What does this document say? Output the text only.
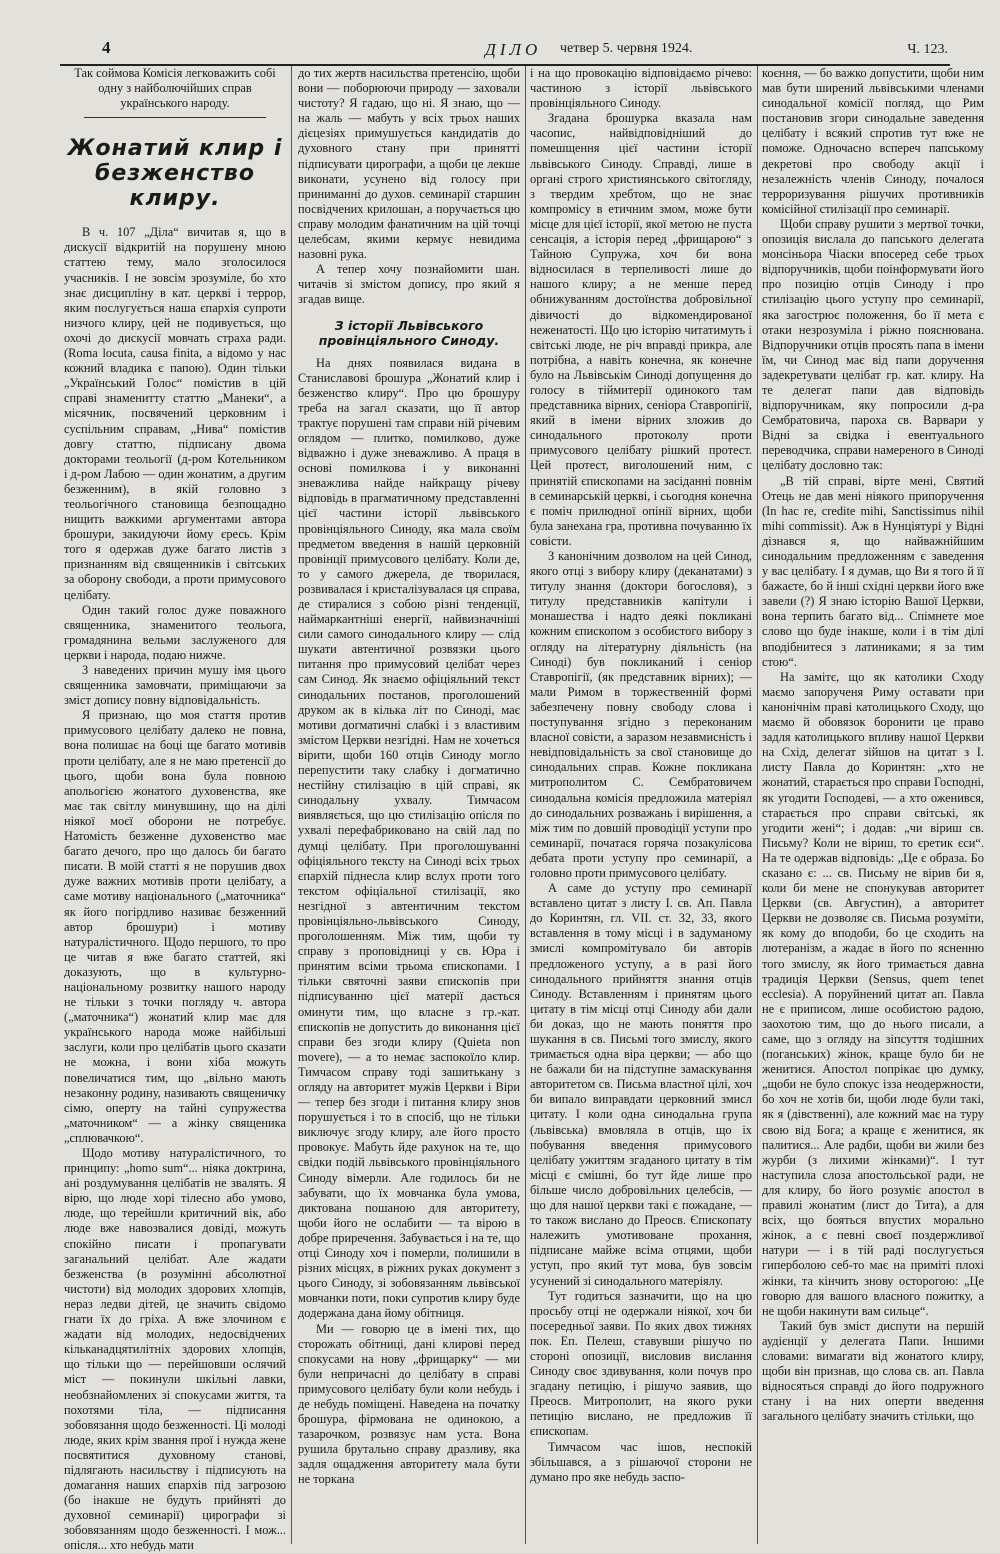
4	ДІЛО четвер 5. червня 1924.	Ч. 123.

Так соймова Комісія легковажить собі одну з найболючійших справ українського народу.

Жонатий клир і безженство клиру.

В ч. 107 „Діла“ вичитав я, що в дискусії відкритій на порушену мною статтею тему, мало зголосилося учасників. І не зовсім зрозуміле, бо хто знає дисципліну в кат. церкві і террор, яким послугується наша єпархія супроти низчого клиру, цей не подивується, що охочі до дискусії мовчать страха ради. (Roma locuta, causa finita, а відомо у нас кожний владика є папою). Один тільки „Український Голос“ помістив в цій справі знаменитту статтю „Манеки“, а місячник, посвячений церковним і суспільним справам, „Нива“ помістив довгу статтю, підписану двома докторами теольогії (д-ром Котельником і д-ром Лабою — один жонатим, а другим безженним), в якій головно з теольогічного становища безпощадно нищить важкими аргументами автора брошури, закидуючи йому єресь. Крім того я одержав дуже багато листів з признанням від священників і світських за оборону свободи, а проти примусового целібату.

Один такий голос дуже поважного священника, знаменитого теольога, громадянина вельми заслуженого для церкви і народа, подаю нижче.

З наведених причин мушу імя цього священника замовчати, приміщаючи за зміст допису повну відповідальність.

Я признаю, що моя стаття против примусового целібату далеко не повна, вона полишає на боці ще багато мотивів проти целібату, але я не маю претенсії до цього, щоби вона була повною апольогією жонатого духовенства, яке має так світлу минувшину, що на ділі ніякої моєї оборони не потребує. Натомість безженне духовенство має багато дечого, про що далось би багато писати. В моїй статті я не порушив двох дуже важних мотивів проти целібату, а саме мотиву національного („маточника“ як його погірдливо називає безженний автор брошури) і мотиву натуралістичного. Щодо першого, то про це читав я вже багато статтей, які доказують, що в культурно-національному розвитку нашого народу не тільки з точки погляду ч. автора („маточника“) жонатий клир має для українського народа може найбільші заслуги, коли про целібатів цього сказати не можна, і вони хіба можуть повеличатися тим, що „вільно мають незаконну родину, називають священичку сімю, оперту на тайні супружества „маточником“ — а жінку священика „сплювачкою“.

Щодо мотиву натуралістичного, то принципу: „homo sum“... ніяка доктрина, ані роздумування целібатів не звалять. Я вірю, що люде хорі тілесно або умово, люде, що терейшли критичний вік, або люде вже навозвалися довіді, можуть спокійно писати і пропагувати заганальний целібат. Але жадати безженства (в розумінні абсолютної чистоти) від молодих здорових хлопців, нераз ледви дітей, це значить свідомо гнати їх до гріха. А вже злочином є жадати від молодих, недосвідчених кільканадцятилітніх здорових хлопців, що тільки що — перейшовши ослячий міст — покинули шкільні лавки, необзнайомлених зі спокусами життя, та похотями тіла, — підписання зобовязання щодо безженності. Ці молоді люде, яких крім звання прої і нужда жене посвятитися духовному станові, підлягають насильству і підписують на домагання наших єпархів під загрозою (бо інакше не будуть прийняті до духовної семинарії) цирографи зі зобовязанням щодо безженності. І мож... опісля... хто небудь мати

до тих жертв насильства претенсію, щоби вони — поборюючи природу — заховали чистоту? Я гадаю, що ні. Я знаю, що — на жаль — мабуть у всіх трьох наших дієцезіях примушується кандидатів до духовного стану при принятті підписувати цирографи, а щоби це лекше виконати, усунено від голосу при приниманні до духов. семинарії старшин посвідчених крилошан, а поручається цю справу молодим фанатичним на цій точці целебсам, якими кермує невидима назовні рука.

А тепер хочу познайомити шан. читачів зі змістом допису, про який я згадав вище.

З історії Львівського провінціяльного Синоду.

На днях появилася видана в Станиславові брошура „Жонатий клир і безженство клиру“. Про цю брошуру треба на загал сказати, що її автор трактує порушені там справи ній річевим оглядом — плитко, помилково, дуже відважно і дуже зневажливо. А праця в основі помилкова і у виконанні зневажлива найде найкращу річеву відповідь в прагматичному представленні цієї частини історії львівського провінціяльного Синоду, яка мала своїм предметом введення в нашій церковній провінції примусового целібату. Коли де, то у самого джерела, де творилася, розвивалася і кристалізувалася ця справа, де стиралися з собою різні тенденції, наймаркантніші енергії, найвизначніші сили самого синодального клиру — слід шукати автентичної розвязки цього питання про примусовий целібат через сам Синод. Як знаємо офіціяльний текст синодальних постанов, проголошений друком ак в кілька літ по Синоді, має мотиви догматичні слабкі і з властивим змістом Церкви незгідні. Нам не хочеться вірити, щоби 160 отців Синоду могло перепустити таку слабку і догматично нестійну стилізацію в цій справі, як синодальну ухвалу. Тимчасом виявляється, що цю стилізацію опісля по ухвалі перефабриковано на свій лад по думці целібату. При проголошуванні офіціяльного тексту на Синоді всіх трьох єпархій піднесла клир вслух проти того текстом офіціальної стилізації, яко незгідної з автентичним текстом провінціяльно-львівського Синоду, проголошенням. Між тим, щоби ту справу з проповідниці у св. Юра і принятим всіми трьома єпископами. І тільки святочні заяви єпископів при підписуванню цієї матерії дається оминути тим, що власне з гр.-кат. єпископів не допустить до виконання цієї справи без згоди клиру (Quieta non movere), — а то немає заспокоїло клир. Тимчасом справу тоді зашитькану з огляду на авторитет мужів Церкви і Віри — тепер без згоди і питання клиру знов порушується і то в спосіб, що не тільки виключує згоду клиру, але його просто провокує. Мабуть йде рахунок на те, що свідки подій львівського провінціяльного Синоду вімерли. Але годилось би не забувати, що їх мовчанка була умова, диктована пошаною для авторитету, щоби його не ослабити — та вірою в добре приречення. Забувається і на те, що отці Синоду хоч і померли, полишили в різних місцях, в ріжних руках документ з цього Синоду, зі зобовязанням львівської мовчанки поти, поки супротив клиру буде додержана дана йому обітниця.

Ми — говорю це в імені тих, що сторожать обітниці, дані клирові перед спокусами на нову „фрищарку“ — ми були непричасні до целібату в справі примусового целібату були коли небудь і де небудь поміщені. Наведена на початку брошура, фірмована не одинокою, а тазарочком, розвязує нам уста. Вона рушила брутально справу дразливу, яка задля ощадження авторитету мала бути не торкана

і на що провокацію відповідаємо річево: частиною з історії львівського провінціяльного Синоду.

Згадана брошурка вказала нам часопис, найвідповідніший до помешщення цієї частини історії львівського Синоду. Справді, лише в органі строго християнського світогляду, з твердим хребтом, що не знає компромісу в етичним змом, може бути місце для цієї історії, якої метою не пуста сенсація, а історія перед „фрищарою“ з Тайною Супружа, хоч би вона відносилася в терпеливості лише до нашого клиру; а не менше перед обнижуванням достоїнства добровільної дівичості до відкомендированої неженатості. Що цю історію читатимуть і світські люде, не річ вправді прикра, але потрібна, а навіть конечна, як конечне було на Львівськім Синоді допущення до голосу в тіймитерії одинокого там представника вірних, сеніора Ставропігії, який в імени вірних зложив до синодального протоколу проти примусового целібату рішкий протест. Цей протест, виголошений ним, с принятій єпископами на засіданні повнім в семинарській церкві, і сьогодня конечна є поміч прилюдної опінії вірних, щоби була занехана гра, противна почуванню їх совісти.

З канонічним дозволом на цей Синод, якого отці з вибору клиру (деканатами) з титулу знання (доктори богословя), з титулу представників капітули і монашества і надто деякі покликані кожним єпископом з особистого вибору з огляду на літературну діяльність (на Синоді) був покликаний і сеніор Ставропігії, (як представник вірних); — мали Римом в торжественній формі забезпечену повну свободу слова і поступування згідно з переконаним власної совісти, а заразом незавмисність і невідповідальність за свої становище до синодальних справ. Кожне покликана митрополитом С. Сембратовичем синодальна комісія предложила матеріял до синодальних розважань і вирішення, а між тим по довшій проводіції уступи про семинарії, початася горяча позакулісова дебата проти уступу про семинарії, а головно проти примусового целібату.

А саме до уступу про семинарії вставлено цитат з листу І. св. Ап. Павла до Коринтян, гл. VII. ст. 32, 33, якого вставлення в тому місці і в задуманому змислі компромітувало би авторів предложеного уступу, а в разі його синодального прийняття знання отців Синоду. Вставленням і принятям цього цитату в тім місці отці Синоду аби дали би доказ, що не мають поняття про шукання в св. Письмі того змислу, якого тримається одна віра церкви; — або що не бажали би на підступне замаскування авторитетом св. Письма властної цілі, хоч би випало виправдати церковний змисл цитату. І коли одна синодальна група (львівська) вмовляла в отців, що іх побування введення примусового целібату ужиттям згаданого цитату в тім місці є смішні, бо тут йде лише про більше число добровільних целебсів, — що для нашої церкви такі є пожадане, — то також вислано до Преосв. Єпископату належить умотивоване прохання, підписане майже всіма отцями, щоби уступ, про який тут мова, був зовсім усунений зі синодального матеріялу.

Тут годиться зазначити, що на цю просьбу отці не одержали ніякої, хоч би посередньої заяви. По яких двох тижнях пок. Еп. Пелеш, ставувши рішучо по стороні опозиції, висловив вислання Синоду своє здивування, коли почув про згадану петицію, і рішучо заявив, що Преосв. Митрополит, на якого руки петицію вислано, не предложив її єпископам.

Тимчасом час ішов, неспокій збільшався, а з рішаючої сторони не думано про яке небудь заспо-

коєння, — бо важко допустити, щоби ним мав бути ширений львівськими членами синодальної комісії погляд, що Рим постановив згори синодальне заведення целібату і всякий спротив тут вже не поможе. Одночасно вспереч папському декретові про свободу акції і незалежність членів Синоду, почалося терроризування рішучих противників комісійної стилізації про семинарії.

Щоби справу рушити з мертвої точки, опозиція вислала до папського делегата монсіньора Чіаски впоcеред себе трьох відпоручників, щоби поінформувати його про позицію отців Синоду і про стилізацію цього уступу про семинарії, яка загострює положення, бо її мета є отаки незрозуміла і ріжно пояснювана. Відпоручники отців просять папа в імени їм, чи Синод має від папи доручення задекретувати целібат гр. кат. клиру. На те делегат папи дав відповідь відпоручникам, яку попросили д-ра Сембратовича, пароха св. Варвари у Відні за свідка і евентуального переводчика, справи намереного в Синоді целібату дословно так:

„В тій справі, вірте мені, Святий Отець не дав мені ніякого припоручення (In hac re, credite mihi, Sanctissimus nihil mihi commissit). Аж в Нунціятурі у Відні дізнався я, що найважнійшим синодальним предложенням є заведення у вас целібату. І я думав, що Ви я того й її бажаєте, бо й інші східні церкви його вже завели (?) Я знаю історію Вашої Церкви, вона терпить багато від... Спімнете мое слово що буде інакше, коли і в тім ділі вподібнитеся з латиниками; я за тим стою“.

На замітє, що як католики Сходу маємо запорученя Риму оставати при канонічнім праві католицького Сходу, що маємо й обовязок боронити це право задля католицького впливу нашої Церкви на Схід, делегат зійшов на цитат з І. листу Павла до Коринтян: „хто не жонатий, старається про справи Господні, як угодити Господеві, — а хто оженився, старається про справи світські, як угодити жені“; і додав: „чи віриш св. Письму? Коли не віриш, то єретик єси“. На те одержав відповідь: „Це є образа. Бо сказано є: ... св. Письму не вірив би я, коли би мене не спонукував авторитет Церкви (св. Августин), а авторитет Церкви не дозволяє св. Письма розуміти, як кому до вподоби, бо це сходить на лютеранізм, а жадає в його по ясненню того змислу, як його тримається давна традиція Церкви (Sensus, quem tenet ecclesia). А поруйнений цитат ап. Павла не є приписом, лише особистою радою, заохотою тим, що до нього писали, а саме, що з огляду на зіпсуття тодішних (поганських) жінок, краще було би не женитися. Апостол попрікає цю думку, „щоби не було спокус ізза неодержности, бо хоч не хотів би, щоби люде були такі, як я (дівственні), але кожний має на туру свою від Бога; а краще є женитися, як палитися... Але радби, щоби ви жили без журби (з лихими жінками)“. І тут наступила слоза апостольської ради, не для клиру, бо його розуміє апостол в правилі жонатим (лист до Тита), а для всіх, що бояться впустих морально жінок, а є певні своєї поздержливої натури — і в тій раді послугується гиперболою себ-то має на приміті плохі жінки, та кінчить знову осторогою: „Це говорю для вашого власного пожитку, а не щоби накинути вам сильце“.

Такий був зміст диспути на першій аудієнції у делегата Папи. Іншими словами: вимагати від жонатого клиру, щоби він признав, що слова св. ап. Павла відносяться справді до його подружного стану і на них оперти введення загального целібату значить стільки, що
